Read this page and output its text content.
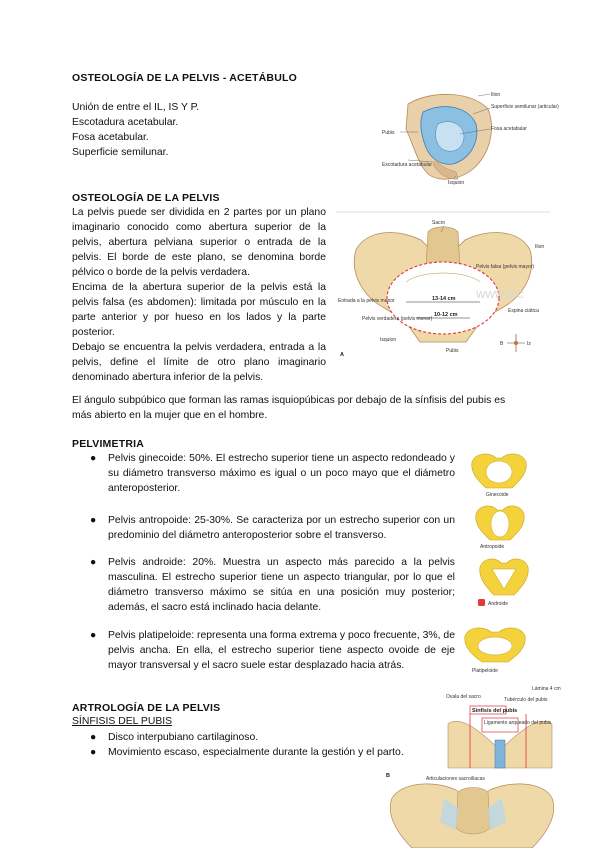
OSTEOLOGÍA DE LA PELVIS - ACETÁBULO

Unión de entre el IL, IS Y P.

Escotadura acetabular.

Fosa acetabular.

Superficie semilunar.

Ilion
Superficie semilunar (articular)
Fosa acetabular
Pubis
Escotadura acetabular
Isquion
OSTEOLOGÍA DE LA PELVIS

La pelvis puede ser dividida en 2 partes por un plano imaginario conocido como abertura superior de la pelvis, abertura pelviana superior o entrada de la pelvis. El borde de este plano, se denomina borde pélvico o borde de la pelvis verdadera.

Encima de la abertura superior de la pelvis está la pelvis falsa (es abdomen): limitada por músculo en la parte anterior y por hueso en los lados y la parte posterior.

Debajo se encuentra la pelvis verdadera, entrada a la pelvis, define el límite de otro plano imaginario denominado abertura inferior de la pelvis.

www.lec
13-14 cm
10-12 cm
Sacro
Ilion
Pelvis falsa (pelvis mayor)
Entrada a la pelvis menor
Pelvis verdadera (pelvis menor)
Espina ciática
Isquion
Pubis
A
B	Iz

El ángulo subpúbico que forman las ramas isquiopúbicas por debajo de la sínfisis del pubis es más abierto en la mujer que en el hombre.

PELVIMETRIA
● Pelvis ginecoide: 50%. El estrecho superior tiene un aspecto redondeado y su diámetro transverso máximo es igual o un poco mayo que el diámetro anteroposterior.
● Pelvis antropoide: 25-30%. Se caracteriza por un estrecho superior con un predominio del diámetro anteroposterior sobre el transverso.
● Pelvis androide: 20%. Muestra un aspecto más parecido a la pelvis masculina. El estrecho superior tiene un aspecto triangular, por lo que el diámetro transverso máximo se sitúa en una posición muy posterior; además, el sacro está inclinado hacia delante.
● Pelvis platipeloide: representa una forma extrema y poco frecuente, 3%, de pelvis ancha. En ella, el estrecho superior tiene aspecto ovoide de eje mayor transversal y el sacro suele estar desplazado hacia atrás.
Ginecoide
Antropoide
Androide
Platipeloide
ARTROLOGÍA DE LA PELVIS
SÍNFISIS DEL PUBIS
● Disco interpubiano cartilaginoso.
● Movimiento escaso, especialmente durante la gestión y el parto.
Ovala del sacro	Tubérculo del pubis
Lámina 4 cm
Sínfisis del pubis
Ligamento arqueado del pubis
B	Articulaciones sacroilíacas
